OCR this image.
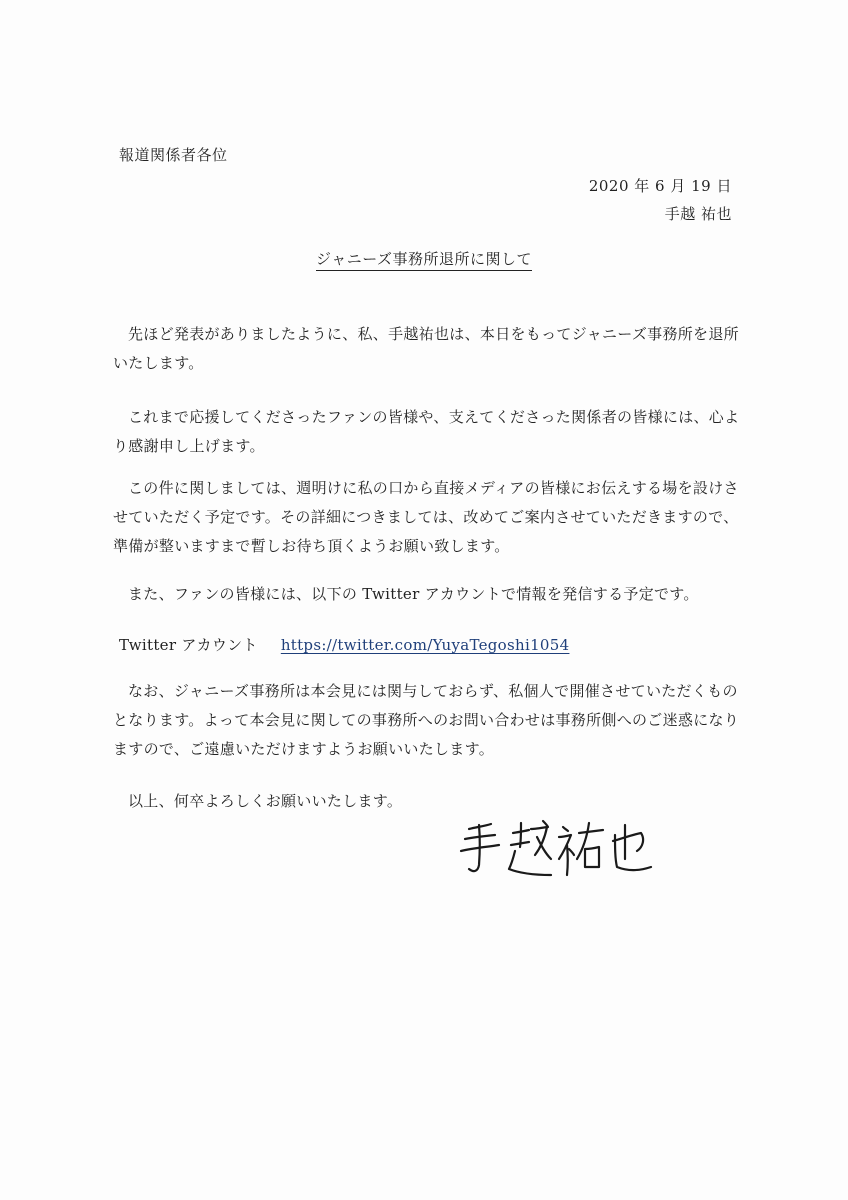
報道関係者各位
2020 年 6 月 19 日
手越 祐也
ジャニーズ事務所退所に関して

先ほど発表がありましたように、私、手越祐也は、本日をもってジャニーズ事務所を退所いたします。

これまで応援してくださったファンの皆様や、支えてくださった関係者の皆様には、心より感謝申し上げます。

この件に関しましては、週明けに私の口から直接メディアの皆様にお伝えする場を設けさせていただく予定です。その詳細につきましては、改めてご案内させていただきますので、準備が整いますまで暫しお待ち頂くようお願い致します。

また、ファンの皆様には、以下の Twitter アカウントで情報を発信する予定です。

Twitter アカウント https://twitter.com/YuyaTegoshi1054

なお、ジャニーズ事務所は本会見には関与しておらず、私個人で開催させていただくものとなります。よって本会見に関しての事務所へのお問い合わせは事務所側へのご迷惑になりますので、ご遠慮いただけますようお願いいたします。

以上、何卒よろしくお願いいたします。
